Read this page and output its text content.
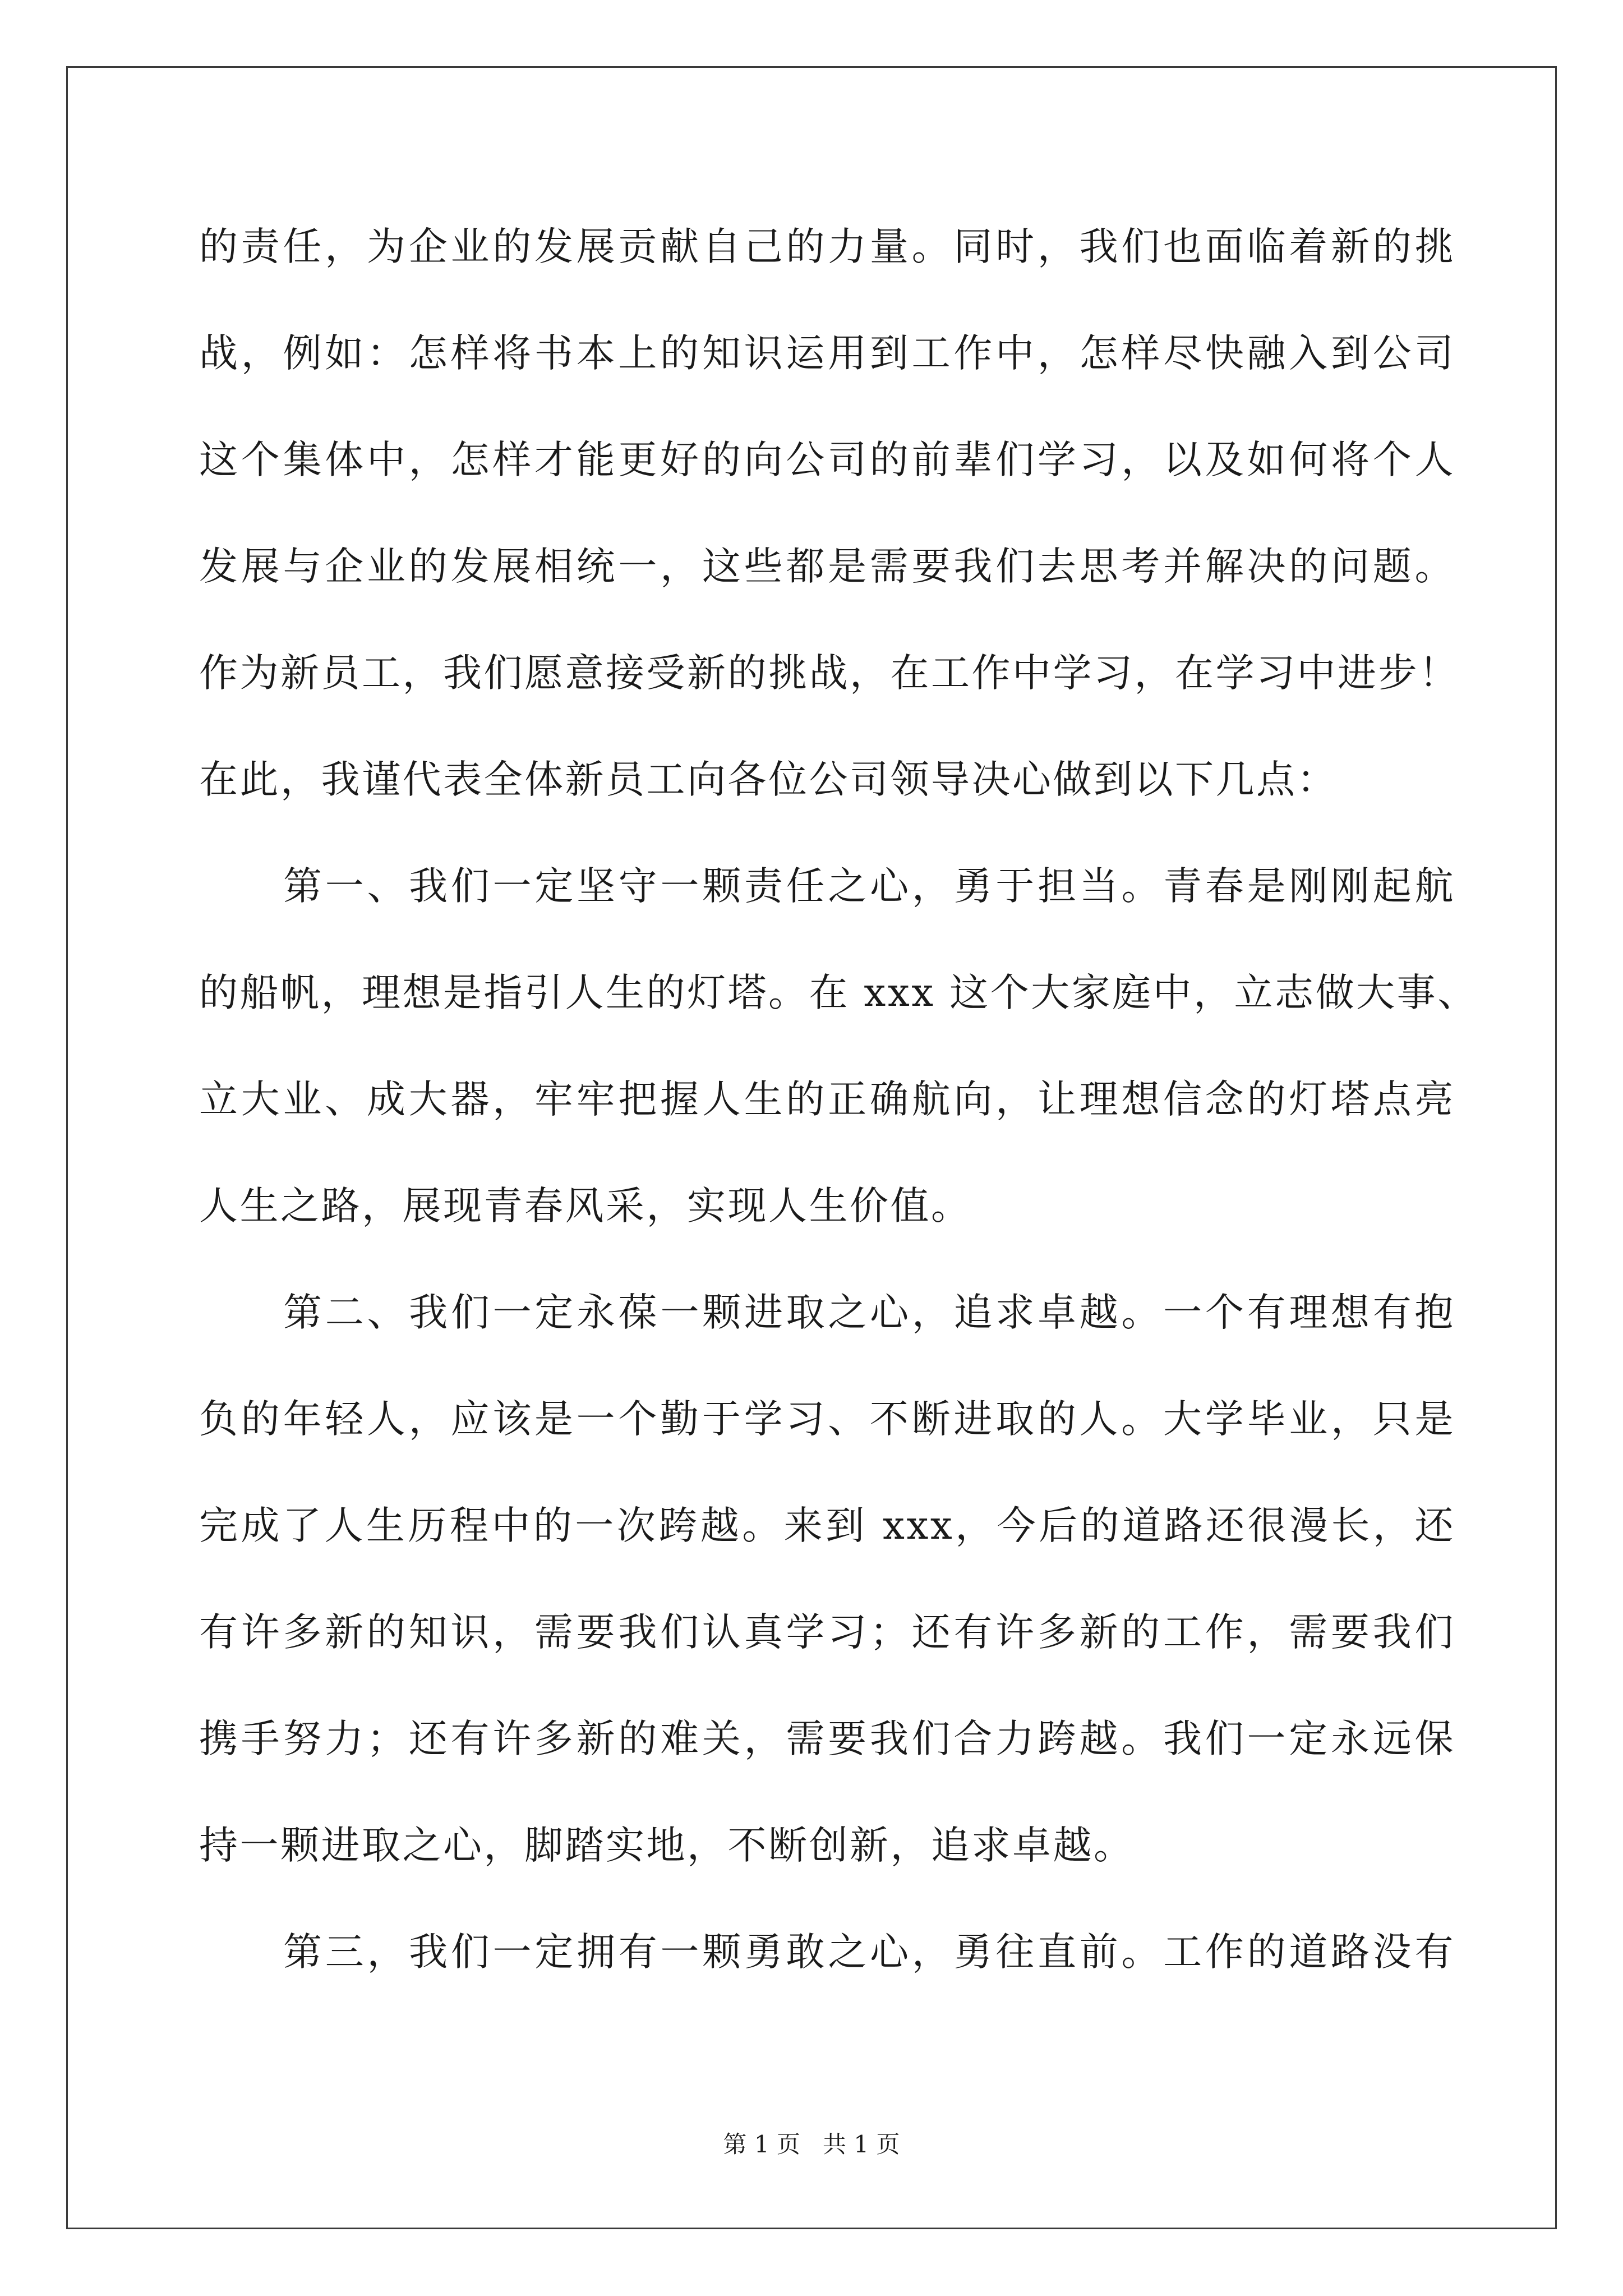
的责任，为企业的发展贡献自己的力量。同时，我们也面临着新的挑
战，例如：怎样将书本上的知识运用到工作中，怎样尽快融入到公司
这个集体中，怎样才能更好的向公司的前辈们学习，以及如何将个人
发展与企业的发展相统一，这些都是需要我们去思考并解决的问题。
作为新员工，我们愿意接受新的挑战，在工作中学习，在学习中进步！
在此，我谨代表全体新员工向各位公司领导决心做到以下几点：
第一、我们一定坚守一颗责任之心，勇于担当。青春是刚刚起航
的船帆，理想是指引人生的灯塔。在 xxx 这个大家庭中，立志做大事、
立大业、成大器，牢牢把握人生的正确航向，让理想信念的灯塔点亮
人生之路，展现青春风采，实现人生价值。
第二、我们一定永葆一颗进取之心，追求卓越。一个有理想有抱
负的年轻人，应该是一个勤于学习、不断进取的人。大学毕业，只是
完成了人生历程中的一次跨越。来到 xxx，今后的道路还很漫长，还
有许多新的知识，需要我们认真学习；还有许多新的工作，需要我们
携手努力；还有许多新的难关，需要我们合力跨越。我们一定永远保
持一颗进取之心，脚踏实地，不断创新，追求卓越。
第三，我们一定拥有一颗勇敢之心，勇往直前。工作的道路没有
第 1 页   共 1 页
